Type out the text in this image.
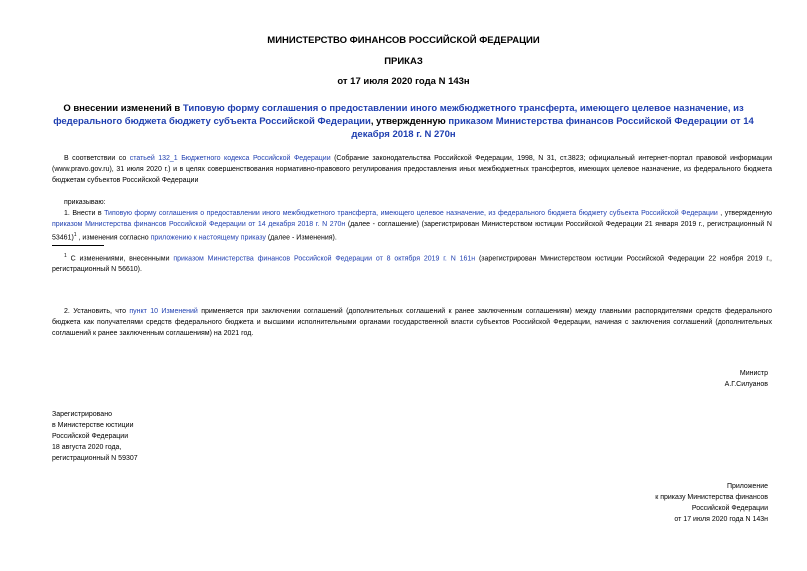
МИНИСТЕРСТВО ФИНАНСОВ РОССИЙСКОЙ ФЕДЕРАЦИИ
ПРИКАЗ
от 17 июля 2020 года N 143н
О внесении изменений в Типовую форму соглашения о предоставлении иного межбюджетного трансферта, имеющего целевое назначение, из федерального бюджета бюджету субъекта Российской Федерации, утвержденную приказом Министерства финансов Российской Федерации от 14 декабря 2018 г. N 270н
В соответствии со статьей 132_1 Бюджетного кодекса Российской Федерации (Собрание законодательства Российской Федерации, 1998, N 31, ст.3823; официальный интернет-портал правовой информации (www.pravo.gov.ru), 31 июля 2020 г.) и в целях совершенствования нормативно-правового регулирования предоставления иных межбюджетных трансфертов, имеющих целевое назначение, из федерального бюджета бюджетам субъектов Российской Федерации
приказываю:
1. Внести в Типовую форму соглашения о предоставлении иного межбюджетного трансферта, имеющего целевое назначение, из федерального бюджета бюджету субъекта Российской Федерации , утвержденную приказом Министерства финансов Российской Федерации от 14 декабря 2018 г. N 270н (далее - соглашение) (зарегистрирован Министерством юстиции Российской Федерации 21 января 2019 г., регистрационный N 53461)$^1$ , изменения согласно приложению к настоящему приказу (далее - Изменения).
$^1$ С изменениями, внесенными приказом Министерства финансов Российской Федерации от 8 октября 2019 г. N 161н (зарегистрирован Министерством юстиции Российской Федерации 22 ноября 2019 г., регистрационный N 56610).
2. Установить, что пункт 10 Изменений применяется при заключении соглашений (дополнительных соглашений к ранее заключенным соглашениям) между главными распорядителями средств федерального бюджета как получателями средств федерального бюджета и высшими исполнительными органами государственной власти субъектов Российской Федерации, начиная с заключения соглашений (дополнительных соглашений к ранее заключенным соглашениям) на 2021 год.
Министр
А.Г.Силуанов
Зарегистрировано
в Министерстве юстиции
Российской Федерации
18 августа 2020 года,
регистрационный N 59307
Приложение
к приказу Министерства финансов
Российской Федерации
от 17 июля 2020 года N 143н
